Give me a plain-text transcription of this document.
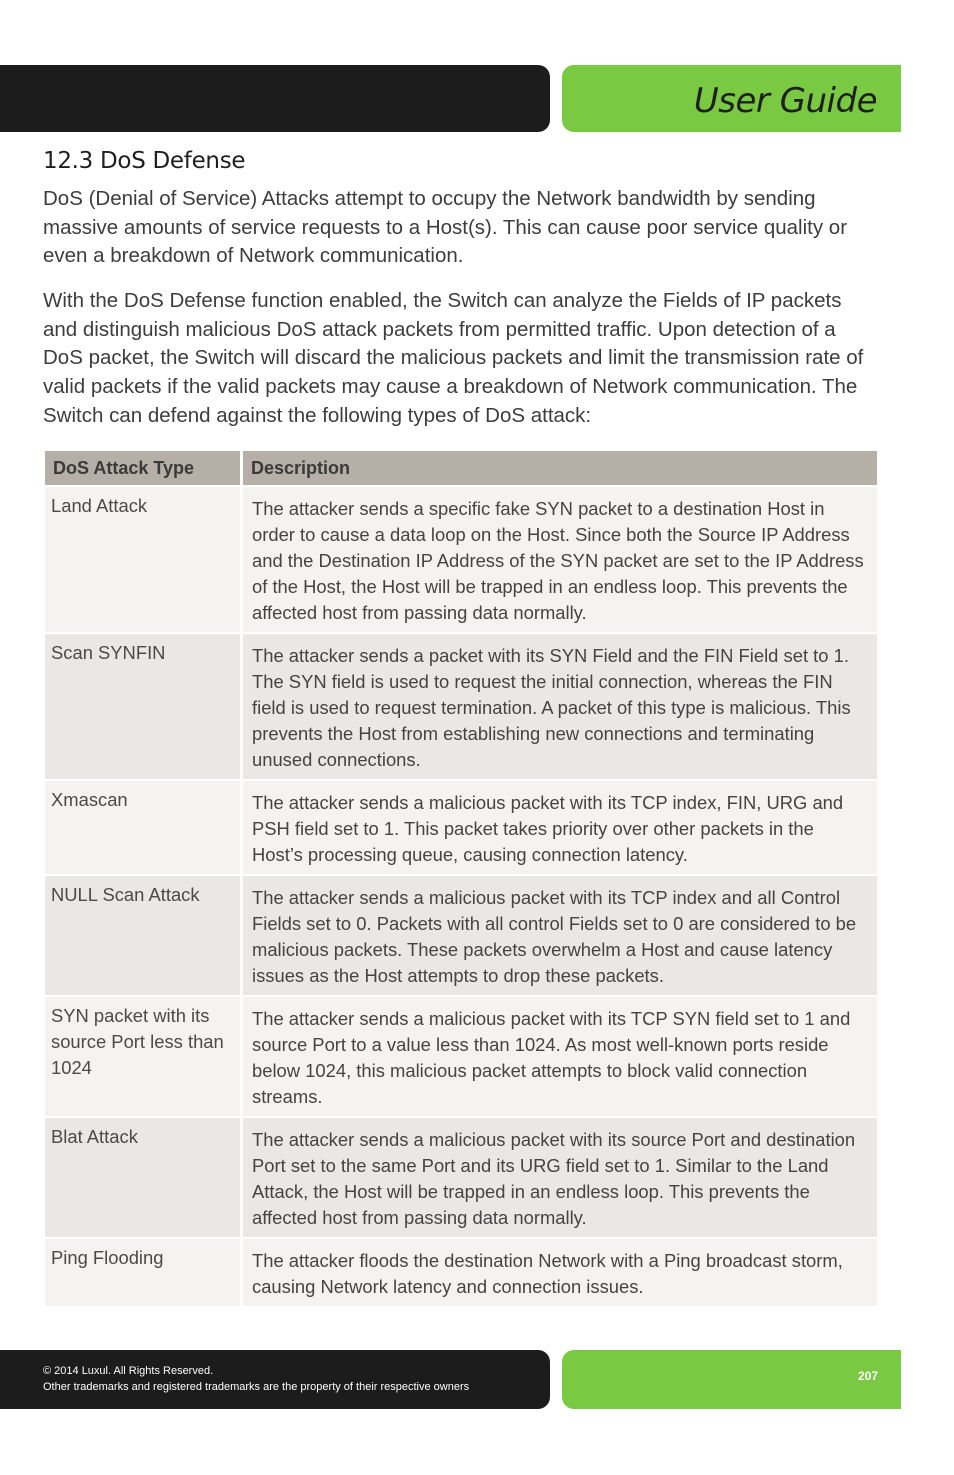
User Guide
12.3 DoS Defense

DoS (Denial of Service) Attacks attempt to occupy the Network bandwidth by sending massive amounts of service requests to a Host(s). This can cause poor service quality or even a breakdown of Network communication.

With the DoS Defense function enabled, the Switch can analyze the Fields of IP packets and distinguish malicious DoS attack packets from permitted traffic. Upon detection of a DoS packet, the Switch will discard the malicious packets and limit the transmission rate of valid packets if the valid packets may cause a breakdown of Network communication. The Switch can defend against the following types of DoS attack:

DoS Attack Type	Description
Land Attack	The attacker sends a specific fake SYN packet to a destination Host in order to cause a data loop on the Host. Since both the Source IP Address and the Destination IP Address of the SYN packet are set to the IP Address of the Host, the Host will be trapped in an endless loop. This prevents the affected host from passing data normally.
Scan SYNFIN	The attacker sends a packet with its SYN Field and the FIN Field set to 1. The SYN field is used to request the initial connection, whereas the FIN field is used to request termination. A packet of this type is malicious. This prevents the Host from establishing new connections and terminating unused connections.
Xmascan	The attacker sends a malicious packet with its TCP index, FIN, URG and PSH field set to 1. This packet takes priority over other packets in the Host’s processing queue, causing connection latency.
NULL Scan Attack	The attacker sends a malicious packet with its TCP index and all Control Fields set to 0. Packets with all control Fields set to 0 are considered to be malicious packets. These packets overwhelm a Host and cause latency issues as the Host attempts to drop these packets.
SYN packet with its source Port less than 1024	The attacker sends a malicious packet with its TCP SYN field set to 1 and source Port to a value less than 1024. As most well-known ports reside below 1024, this malicious packet attempts to block valid connection streams.
Blat Attack	The attacker sends a malicious packet with its source Port and destination Port set to the same Port and its URG field set to 1. Similar to the Land Attack, the Host will be trapped in an endless loop. This prevents the affected host from passing data normally.
Ping Flooding	The attacker floods the destination Network with a Ping broadcast storm, causing Network latency and connection issues.
© 2014 Luxul. All Rights Reserved.
Other trademarks and registered trademarks are the property of their respective owners
207
